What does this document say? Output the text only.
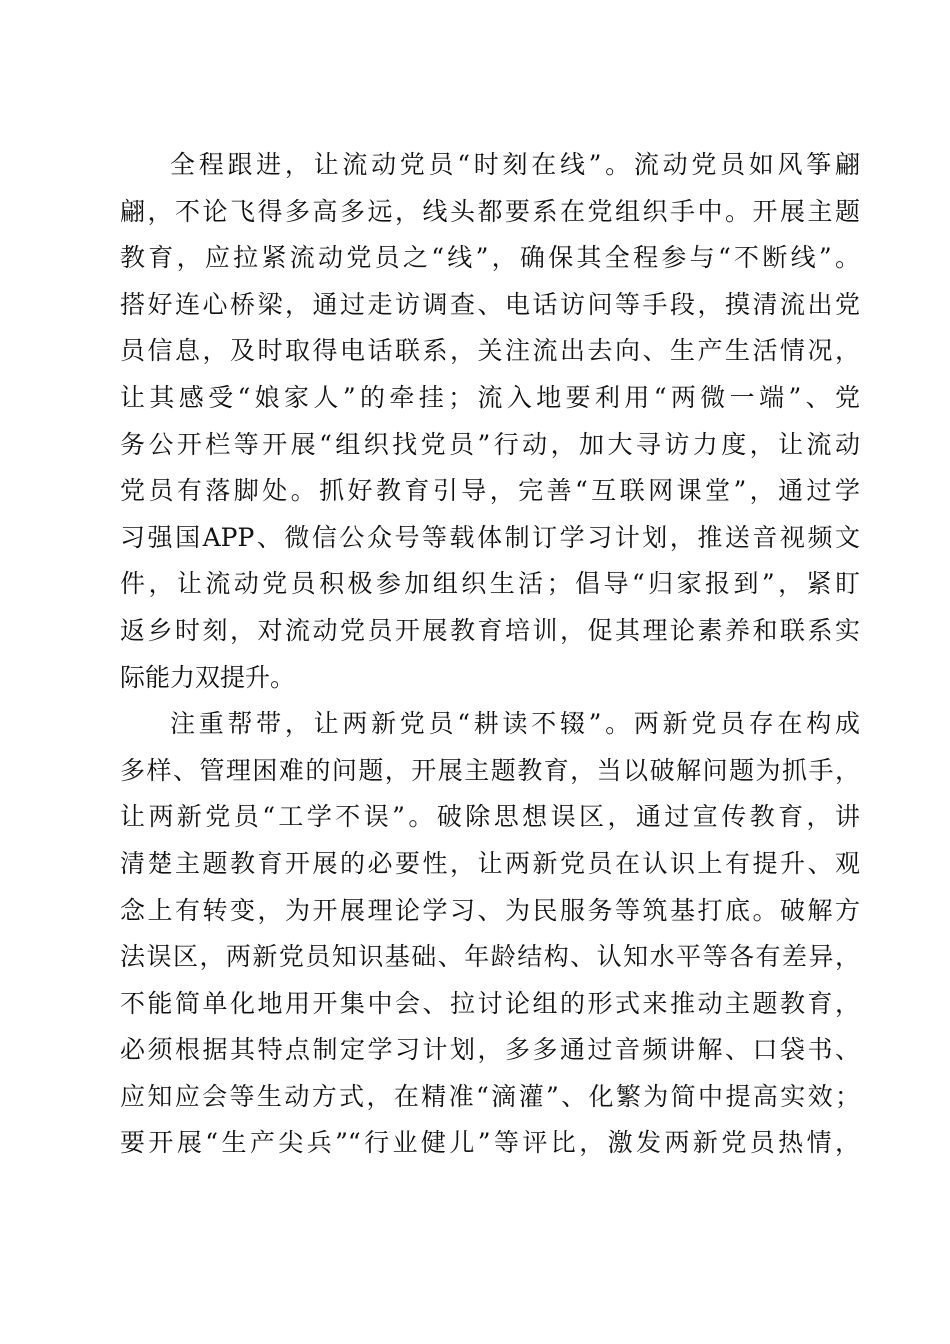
全程跟进，让流动党员“时刻在线”。流动党员如风筝翩
翩，不论飞得多高多远，线头都要系在党组织手中。开展主题
教育，应拉紧流动党员之“线”，确保其全程参与“不断线”。
搭好连心桥梁，通过走访调查、电话访问等手段，摸清流出党
员信息，及时取得电话联系，关注流出去向、生产生活情况，
让其感受“娘家人”的牵挂；流入地要利用“两微一端”、党
务公开栏等开展“组织找党员”行动，加大寻访力度，让流动
党员有落脚处。抓好教育引导，完善“互联网课堂”，通过学
习强国APP、微信公众号等载体制订学习计划，推送音视频文
件，让流动党员积极参加组织生活；倡导“归家报到”，紧盯
返乡时刻，对流动党员开展教育培训，促其理论素养和联系实
际能力双提升。
注重帮带，让两新党员“耕读不辍”。两新党员存在构成
多样、管理困难的问题，开展主题教育，当以破解问题为抓手，
让两新党员“工学不误”。破除思想误区，通过宣传教育，讲
清楚主题教育开展的必要性，让两新党员在认识上有提升、观
念上有转变，为开展理论学习、为民服务等筑基打底。破解方
法误区，两新党员知识基础、年龄结构、认知水平等各有差异，
不能简单化地用开集中会、拉讨论组的形式来推动主题教育，
必须根据其特点制定学习计划，多多通过音频讲解、口袋书、
应知应会等生动方式，在精准“滴灌”、化繁为简中提高实效；
要开展“生产尖兵”“行业健儿”等评比，激发两新党员热情，
